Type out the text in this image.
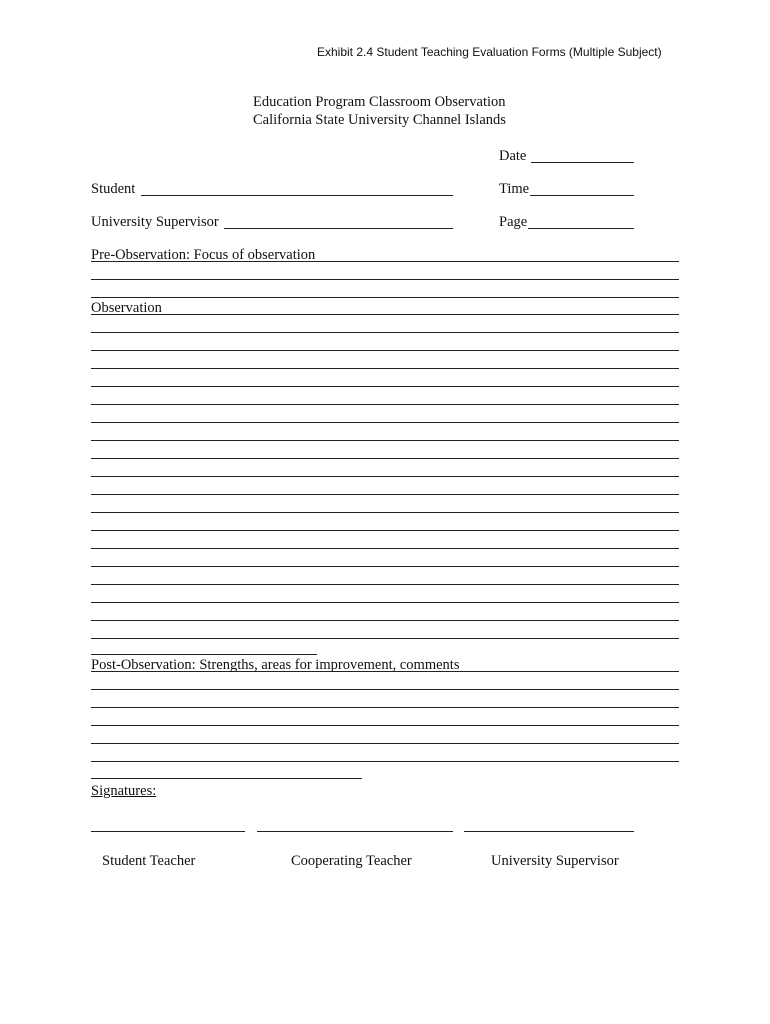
Exhibit 2.4 Student Teaching Evaluation Forms (Multiple Subject)
Education Program Classroom Observation
California State University Channel Islands
Date
Student	Time
University Supervisor	Page
Pre-Observation: Focus of observation
Observation
Post-Observation: Strengths, areas for improvement, comments
Signatures:
Student Teacher	Cooperating Teacher	University Supervisor
